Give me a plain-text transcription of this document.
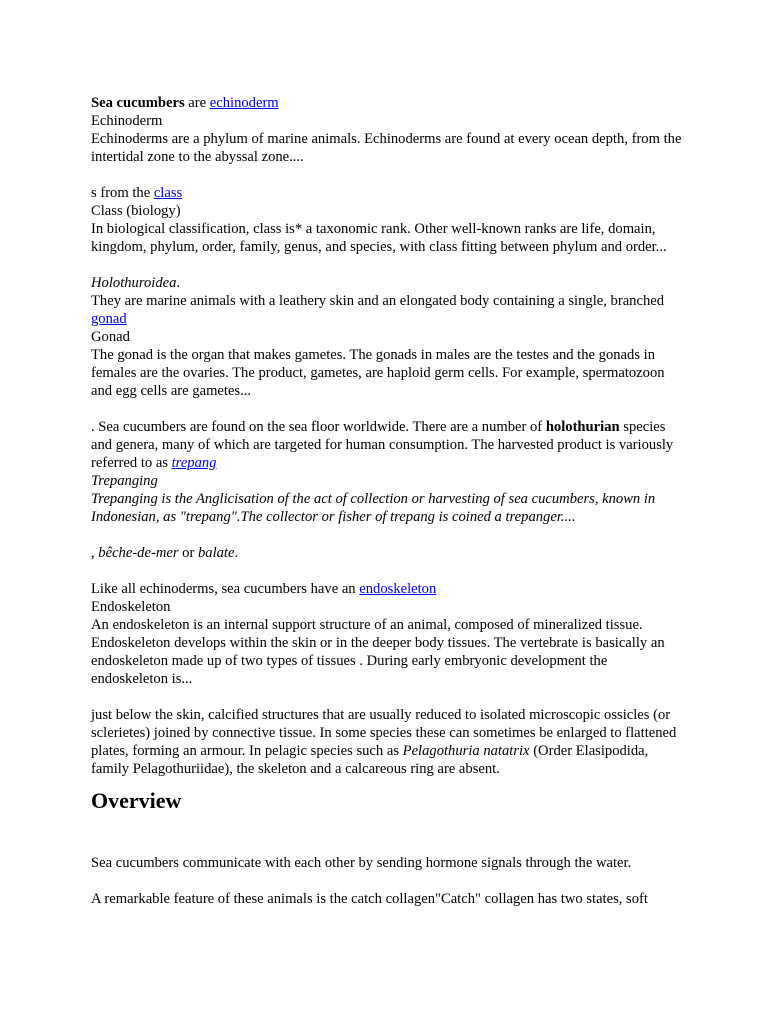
Sea cucumbers are echinoderm

Echinoderm

Echinoderms are a phylum of marine animals. Echinoderms are found at every ocean depth, from the intertidal zone to the abyssal zone....

s from the class

Class (biology)

In biological classification, class is* a taxonomic rank. Other well-known ranks are life, domain, kingdom, phylum, order, family, genus, and species, with class fitting between phylum and order...

Holothuroidea.

They are marine animals with a leathery skin and an elongated body containing a single, branched gonad

Gonad

The gonad is the organ that makes gametes. The gonads in males are the testes and the gonads in females are the ovaries. The product, gametes, are haploid germ cells. For example, spermatozoon and egg cells are gametes...

. Sea cucumbers are found on the sea floor worldwide. There are a number of holothurian species and genera, many of which are targeted for human consumption. The harvested product is variously referred to as trepang

Trepanging

Trepanging is the Anglicisation of the act of collection or harvesting of sea cucumbers, known in Indonesian, as "trepang".The collector or fisher of trepang is coined a trepanger....

, bêche-de-mer or balate.

Like all echinoderms, sea cucumbers have an endoskeleton

Endoskeleton

An endoskeleton is an internal support structure of an animal, composed of mineralized tissue. Endoskeleton develops within the skin or in the deeper body tissues. The vertebrate is basically an endoskeleton made up of two types of tissues . During early embryonic development the endoskeleton is...

just below the skin, calcified structures that are usually reduced to isolated microscopic ossicles (or sclerietes) joined by connective tissue. In some species these can sometimes be enlarged to flattened plates, forming an armour. In pelagic species such as Pelagothuria natatrix (Order Elasipodida, family Pelagothuriidae), the skeleton and a calcareous ring are absent.

Overview

Sea cucumbers communicate with each other by sending hormone signals through the water.

A remarkable feature of these animals is the catch collagen"Catch" collagen has two states, soft
